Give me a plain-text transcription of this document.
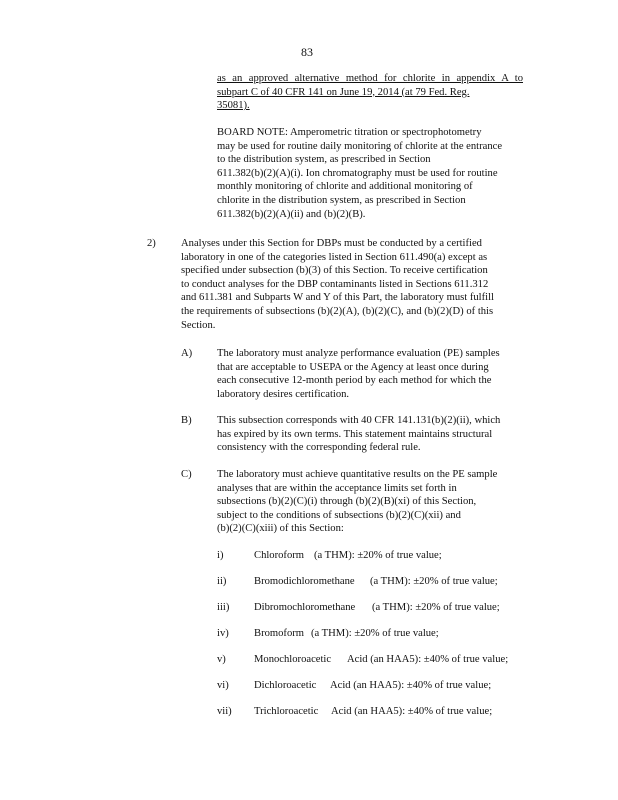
83
as an approved alternative method for chlorite in appendix A to
subpart C of 40 CFR 141 on June 19, 2014 (at 79 Fed. Reg.
35081).
BOARD NOTE: Amperometric titration or spectrophotometry
may be used for routine daily monitoring of chlorite at the entrance
to the distribution system, as prescribed in Section
611.382(b)(2)(A)(i). Ion chromatography must be used for routine
monthly monitoring of chlorite and additional monitoring of
chlorite in the distribution system, as prescribed in Section
611.382(b)(2)(A)(ii) and (b)(2)(B).
2) Analyses under this Section for DBPs must be conducted by a certified
laboratory in one of the categories listed in Section 611.490(a) except as
specified under subsection (b)(3) of this Section. To receive certification
to conduct analyses for the DBP contaminants listed in Sections 611.312
and 611.381 and Subparts W and Y of this Part, the laboratory must fulfill
the requirements of subsections (b)(2)(A), (b)(2)(C), and (b)(2)(D) of this
Section.
A) The laboratory must analyze performance evaluation (PE) samples
that are acceptable to USEPA or the Agency at least once during
each consecutive 12-month period by each method for which the
laboratory desires certification.
B) This subsection corresponds with 40 CFR 141.131(b)(2)(ii), which
has expired by its own terms. This statement maintains structural
consistency with the corresponding federal rule.
C) The laboratory must achieve quantitative results on the PE sample
analyses that are within the acceptance limits set forth in
subsections (b)(2)(C)(i) through (b)(2)(B)(xi) of this Section,
subject to the conditions of subsections (b)(2)(C)(xii) and
(b)(2)(C)(xiii) of this Section:
i)	Chloroform (a THM): ±20% of true value;
ii)	Bromodichloromethane (a THM): ±20% of true value;
iii) Dibromochloromethane (a THM): ±20% of true value;
iv) Bromoform (a THM): ±20% of true value;
v)	Monochloroacetic Acid (an HAA5): ±40% of true value;
vi) Dichloroacetic Acid (an HAA5): ±40% of true value;
vii) Trichloroacetic Acid (an HAA5): ±40% of true value;
